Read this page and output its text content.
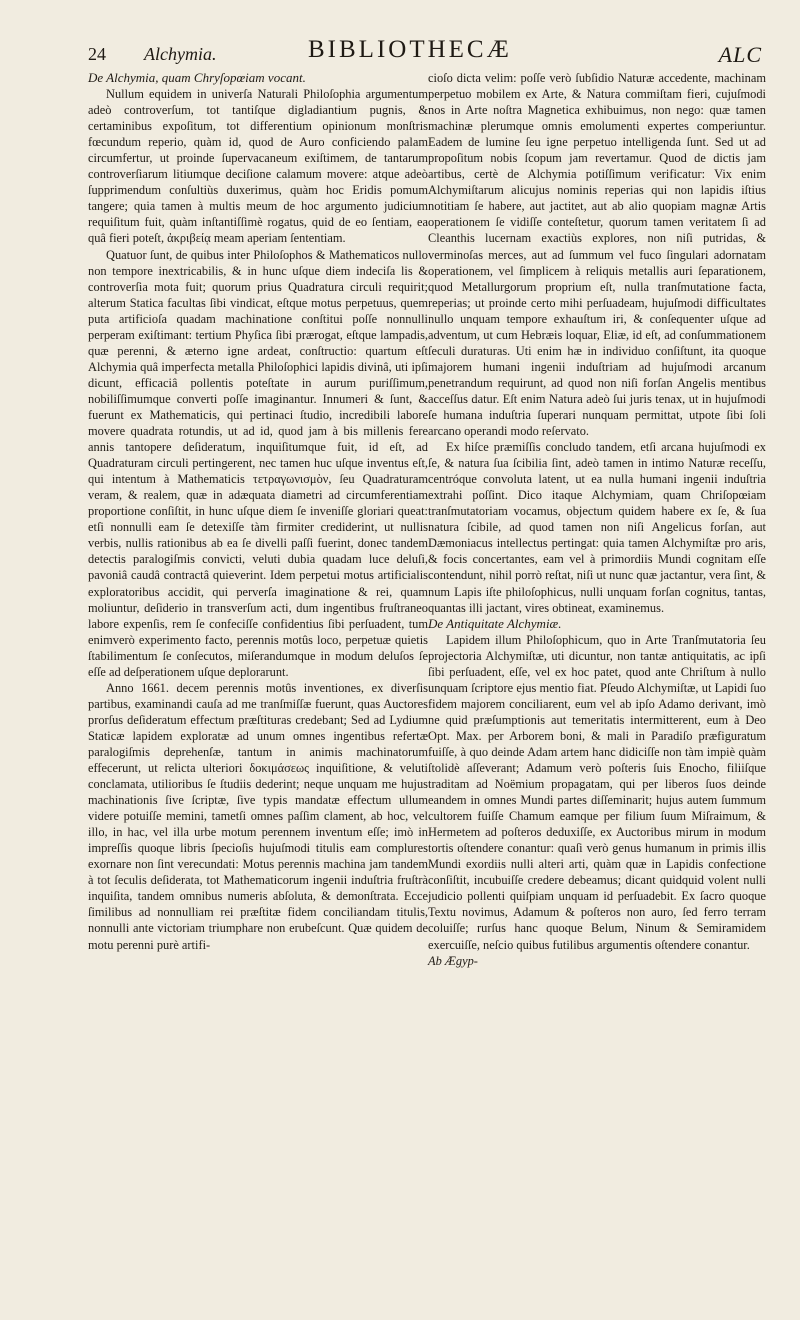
24 Alchymia.	BIBLIOTHECÆ	ALC

De Alchymia, quam Chryſopœiam vocant.

Nullum equidem in univerſa Naturali Philoſophia argumentum adeò controverſum, tot tantiſque digladiantium pugnis, & certaminibus expoſitum, tot differentium opinionum monſtris fœcundum reperio, quàm id, quod de Auro conficiendo palam circumfertur, ut proinde ſupervacaneum exiſtimem, de tantarum controverſiarum litiumque deciſione calamum movere: atque adeò ſupprimendum conſultiùs duxerimus, quàm hoc Eridis pomum tangere; quia tamen à multis meum de hoc argumento judicium requiſitum fuit, quàm inſtantiſſimè rogatus, quid de eo ſentiam, ea quâ fieri poteſt, ἀκριβείᾳ meam aperiam ſententiam.

Quatuor ſunt, de quibus inter Philoſophos & Mathematicos nullo non tempore inextricabilis, & in hunc uſque diem indeciſa lis & controverſia mota fuit; quorum prius Quadratura circuli requirit; alterum Statica facultas ſibi vindicat, eſtque motus perpetuus, quem puta artificioſa quadam machinatione conſtitui poſſe nonnulli perperam exiſtimant: tertium Phyſica ſibi prærogat, eſtque lampadis, quæ perenni, & æterno igne ardeat, conſtructio: quartum eſt Alchymia quâ imperfecta metalla Philoſophici lapidis divinâ, uti ipſi dicunt, efficaciâ pollentis poteſtate in aurum puriſſimum, nobiliſſimumque converti poſſe imaginantur. Innumeri & ſunt, & fuerunt ex Mathematicis, qui pertinaci ſtudio, incredibili labore movere quadrata rotundis, ut ad id, quod jam à bis millenis fere annis tantopere deſideratum, inquiſitumque fuit, id eſt, ad Quadraturam circuli pertingerent, nec tamen huc uſque inventus eſt, qui intentum à Mathematicis τετραγωνισμὸν, ſeu Quadraturam veram, & realem, quæ in adæquata diametri ad circumferentiam proportione conſiſtit, in hunc uſque diem ſe inveniſſe gloriari queat: etſi nonnulli eam ſe detexiſſe tàm firmiter crediderint, ut nullis verbis, nullis rationibus ab ea ſe divelli paſſi fuerint, donec tandem detectis paralogiſmis convicti, veluti dubia quadam luce deluſi, pavoniâ caudâ contractâ quieverint. Idem perpetui motus artificialis exploratoribus accidit, qui perverſa imaginatione & rei, quam moliuntur, deſiderio in transverſum acti, dum ingentibus fruſtraneo labore expenſis, rem ſe confeciſſe confidentius ſibi perſuadent, tum enimverò experimento facto, perennis motûs loco, perpetuæ quietis ſtabilimentum ſe conſecutos, miſerandumque in modum deluſos ſe eſſe ad deſperationem uſque deplorarunt.

Anno 1661. decem perennis motûs inventiones, ex diverſis partibus, examinandi cauſa ad me tranſmiſſæ fuerunt, quas Auctores prorſus deſideratum effectum præſtituras credebant; Sed ad Lydium Staticæ lapidem exploratæ ad unum omnes ingentibus refertæ paralogiſmis deprehenſæ, tantum in animis machinatorum effecerunt, ut relicta ulteriori δοκιμάσεως inquiſitione, & veluti conclamata, utilioribus ſe ſtudiis dederint; neque unquam me hujus machinationis ſive ſcriptæ, ſive typis mandatæ effectum ullum videre potuiſſe memini, tametſi omnes paſſim clament, ab hoc, vel illo, in hac, vel illa urbe motum perennem inventum eſſe; imò in impreſſis quoque libris ſpecioſis hujuſmodi titulis eam complures exornare non ſint verecundati: Motus perennis machina jam tandem à tot ſeculis deſiderata, tot Mathematicorum ingenii induſtria fruſtrà inquiſita, tandem omnibus numeris abſoluta, & demonſtrata. Ecce ſimilibus ad nonnulliam rei præſtitæ fidem conciliandam titulis, nonnulli ante victoriam triumphare non erubeſcunt. Quæ quidem de motu perenni purè artifi-

cioſo dicta velim: poſſe verò ſubſidio Naturæ accedente, machinam perpetuo mobilem ex Arte, & Natura commiſtam fieri, cujuſmodi nos in Arte noſtra Magnetica exhibuimus, non nego: quæ tamen machinæ plerumque omnis emolumenti expertes comperiuntur. Eadem de lumine ſeu igne perpetuo intelligenda ſunt. Sed ut ad propoſitum nobis ſcopum jam revertamur. Quod de dictis jam artibus, certè de Alchymia potiſſimum verificatur: Vix enim Alchymiſtarum alicujus nominis reperias qui non lapidis iſtius notitiam ſe habere, aut jactitet, aut ab alio quopiam magnæ Artis operationem ſe vidiſſe conteſtetur, quorum tamen veritatem ſi ad Cleanthis lucernam exactiùs explores, non niſi putridas, & verminoſas merces, aut ad ſummum vel fuco ſingulari adornatam operationem, vel ſimplicem à reliquis metallis auri ſeparationem, quod Metallurgorum proprium eſt, nulla tranſmutatione facta, reperias; ut proinde certo mihi perſuadeam, hujuſmodi difficultates nullo unquam tempore exhauſtum iri, & conſequenter uſque ad adventum, ut cum Hebræis loquar, Eliæ, id eſt, ad conſummationem ſeculi duraturas. Uti enim hæ in individuo conſiſtunt, ita quoque majorem humani ingenii induſtriam ad hujuſmodi arcanum penetrandum requirunt, ad quod non niſi forſan Angelis mentibus acceſſus datur. Eſt enim Natura adeò ſui juris tenax, ut in hujuſmodi ſe humana induſtria ſuperari nunquam permittat, utpote ſibi ſoli arcano operandi modo reſervato.

Ex hiſce præmiſſis concludo tandem, etſi arcana hujuſmodi ex ſe, & natura ſua ſcibilia ſint, adeò tamen in intimo Naturæ receſſu, centróque convoluta latent, ut ea nulla humani ingenii induſtria extrahi poſſint. Dico itaque Alchymiam, quam Chriſopœiam tranſmutatoriam vocamus, objectum quidem habere ex ſe, & ſua natura ſcibile, ad quod tamen non niſi Angelicus forſan, aut Dæmoniacus intellectus pertingat: quia tamen Alchymiſtæ pro aris, & focis concertantes, eam vel à primordiis Mundi cognitam eſſe contendunt, nihil porrò reſtat, niſi ut nunc quæ jactantur, vera ſint, & num Lapis iſte philoſophicus, nulli unquam forſan cognitus, tantas, quantas illi jactant, vires obtineat, examinemus.

De Antiquitate Alchymiæ.

Lapidem illum Philoſophicum, quo in Arte Tranſmutatoria ſeu projectoria Alchymiſtæ, uti dicuntur, non tantæ antiquitatis, ac ipſi ſibi perſuadent, eſſe, vel ex hoc patet, quod ante Chriſtum à nullo unquam ſcriptore ejus mentio fiat. Pſeudo Alchymiſtæ, ut Lapidi ſuo fidem majorem conciliarent, eum vel ab ipſo Adamo derivant, imò ne quid præſumptionis aut temeritatis intermitterent, eum à Deo Opt. Max. per Arborem boni, & mali in Paradiſo præfiguratum fuiſſe, à quo deinde Adam artem hanc didiciſſe non tàm impiè quàm ſtolidè aſſeverant; Adamum verò poſteris ſuis Enocho, filiiſque traditam ad Noëmium propagatam, qui per liberos ſuos deinde eandem in omnes Mundi partes diſſeminarit; hujus autem ſummum cultorem fuiſſe Chamum eamque per filium ſuum Miſraimum, & Hermetem ad poſteros deduxiſſe, ex Auctoribus mirum in modum tortis oſtendere conantur: quaſi verò genus humanum in primis illis Mundi exordiis nulli alteri arti, quàm quæ in Lapidis confectione conſiſtit, incubuiſſe credere debeamus; dicant quidquid volent nulli judicio pollenti quiſpiam unquam id perſuadebit. Ex ſacro quoque Textu novimus, Adamum & poſteros non auro, ſed ferro terram coluiſſe; rurſus hanc quoque Belum, Ninum & Semiramidem exercuiſſe, neſcio quibus futilibus argumentis oſtendere conantur.

Ab Ægyp-
